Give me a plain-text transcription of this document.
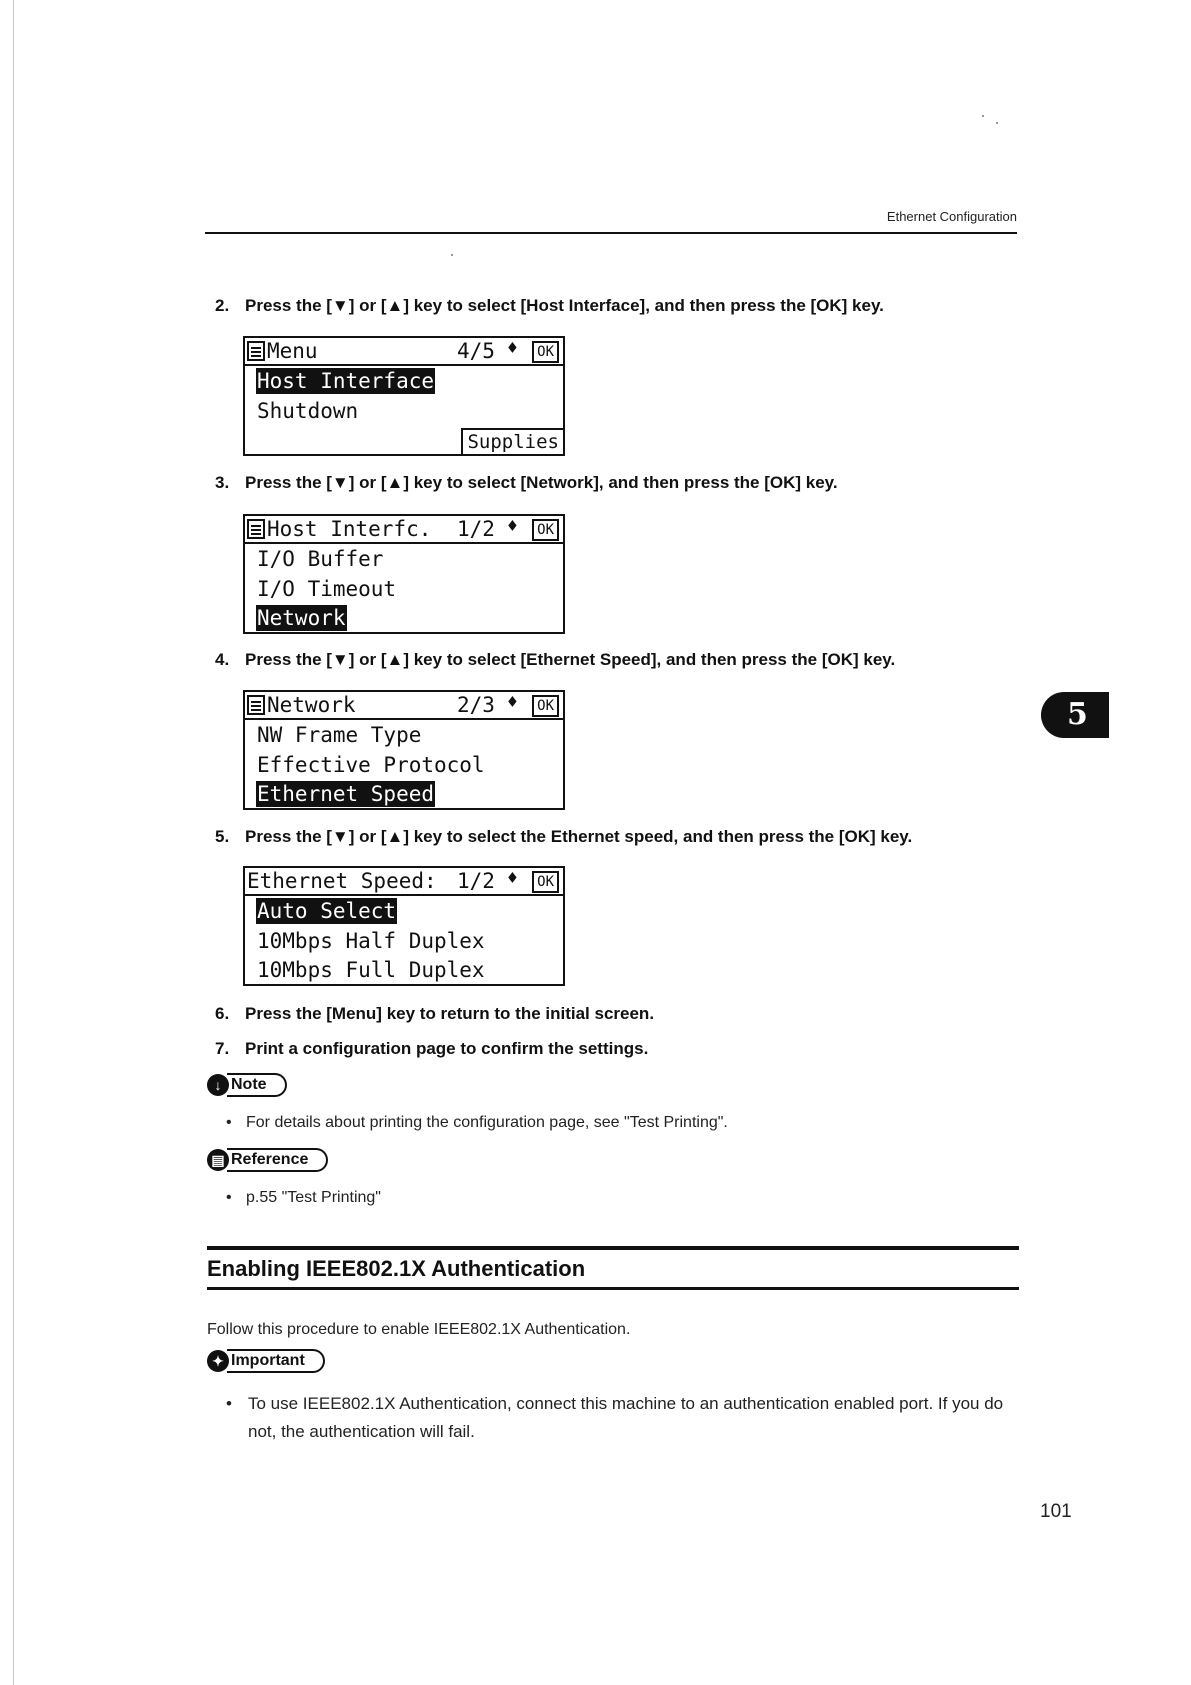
Ethernet Configuration
2. Press the [▼] or [▲] key to select [Host Interface], and then press the [OK] key.
Menu	4/5 ♦	OK
Host Interface
Shutdown
Supplies
3. Press the [▼] or [▲] key to select [Network], and then press the [OK] key.
Host Interfc. 1/2 ♦	OK
I/O Buffer
I/O Timeout
Network
4. Press the [▼] or [▲] key to select [Ethernet Speed], and then press the [OK] key.
Network	2/3 ♦	OK
NW Frame Type
Effective Protocol
Ethernet Speed
5. Press the [▼] or [▲] key to select the Ethernet speed, and then press the [OK] key.
Ethernet Speed: 1/2 ♦	OK
Auto Select
10Mbps Half Duplex
10Mbps Full Duplex
6. Press the [Menu] key to return to the initial screen.
7. Print a configuration page to confirm the settings.
↓ Note
• For details about printing the configuration page, see "Test Printing".
▤ Reference
• p.55 "Test Printing"
Enabling IEEE802.1X Authentication
Follow this procedure to enable IEEE802.1X Authentication.
✦ Important
• To use IEEE802.1X Authentication, connect this machine to an authentication enabled port. If you do not, the authentication will fail.
5
101
